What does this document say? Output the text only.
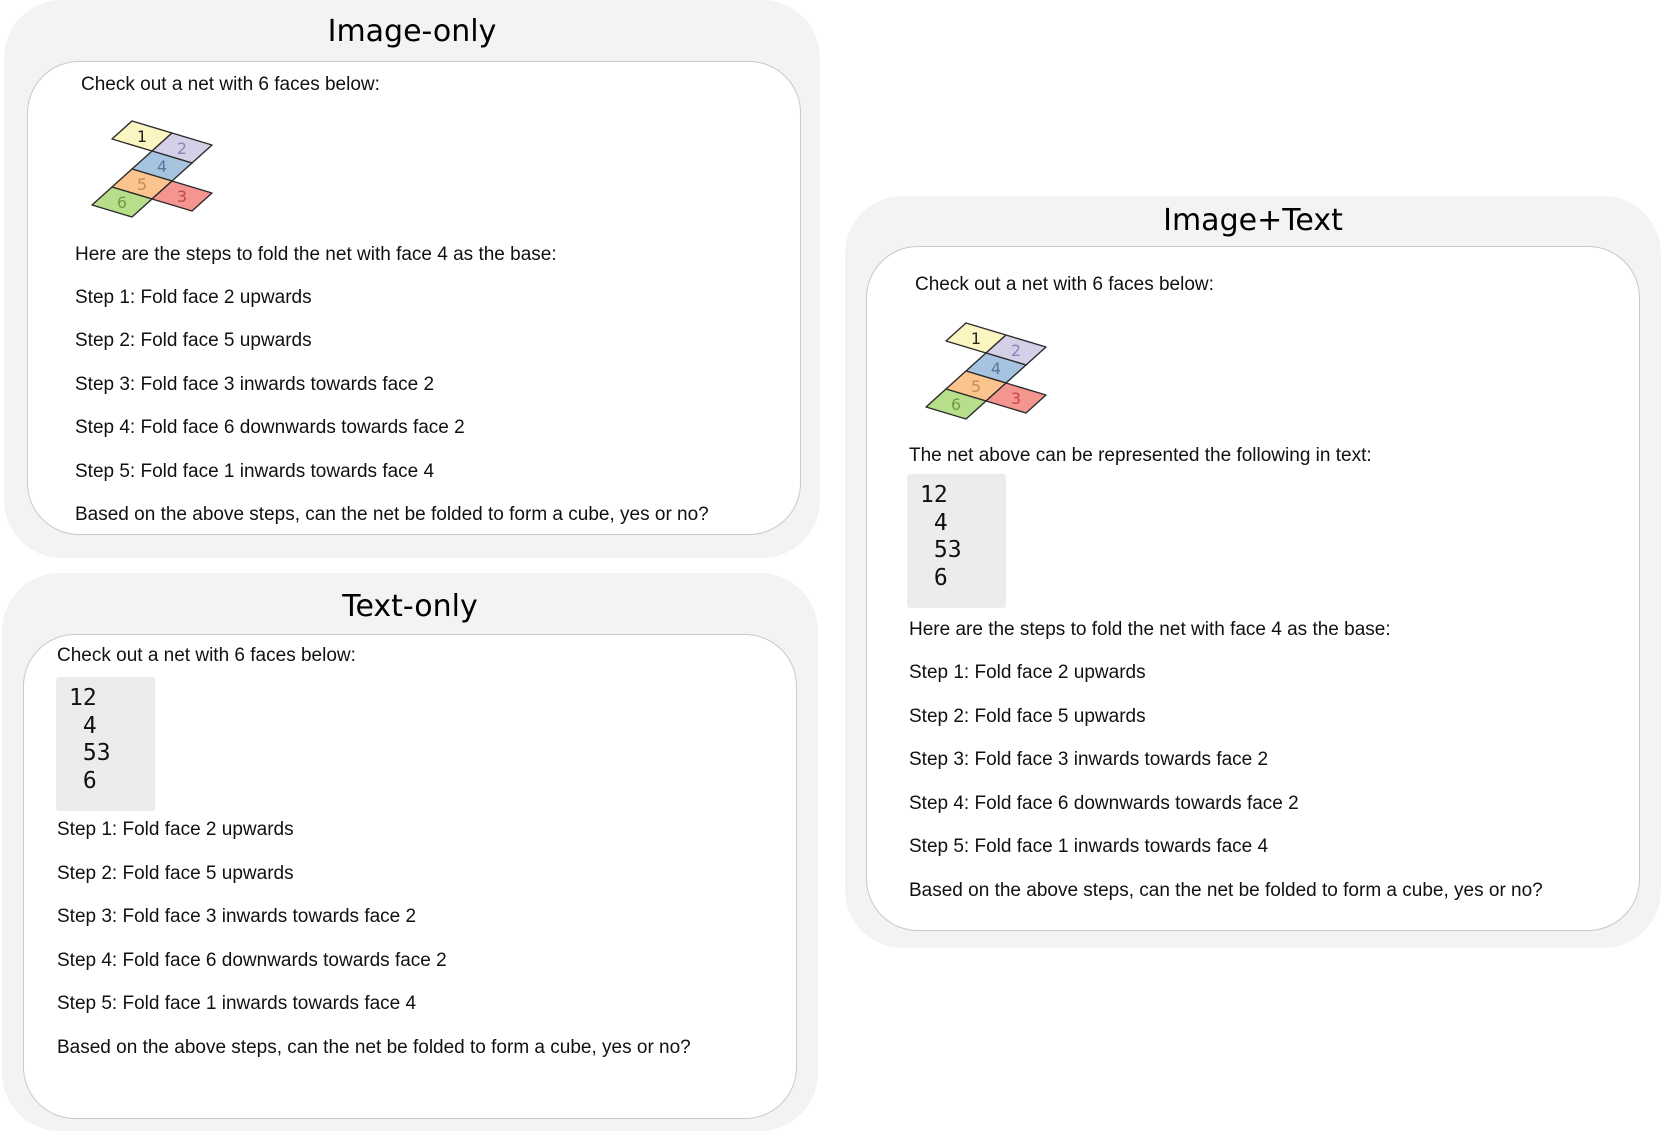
Image-only
Check out a net with 6 faces below:
1
2
4
5
3
6
Here are the steps to fold the net with face 4 as the base:
Step 1: Fold face 2 upwards
Step 2: Fold face 5 upwards
Step 3: Fold face 3 inwards towards face 2
Step 4: Fold face 6 downwards towards face 2
Step 5: Fold face 1 inwards towards face 4
Based on the above steps, can the net be folded to form a cube, yes or no?
Text-only
Check out a net with 6 faces below:
12
4
53
6
Step 1: Fold face 2 upwards
Step 2: Fold face 5 upwards
Step 3: Fold face 3 inwards towards face 2
Step 4: Fold face 6 downwards towards face 2
Step 5: Fold face 1 inwards towards face 4
Based on the above steps, can the net be folded to form a cube, yes or no?
Image+Text
Check out a net with 6 faces below:
1
2
4
5
3
6
The net above can be represented the following in text:
12
4
53
6
Here are the steps to fold the net with face 4 as the base:
Step 1: Fold face 2 upwards
Step 2: Fold face 5 upwards
Step 3: Fold face 3 inwards towards face 2
Step 4: Fold face 6 downwards towards face 2
Step 5: Fold face 1 inwards towards face 4
Based on the above steps, can the net be folded to form a cube, yes or no?
